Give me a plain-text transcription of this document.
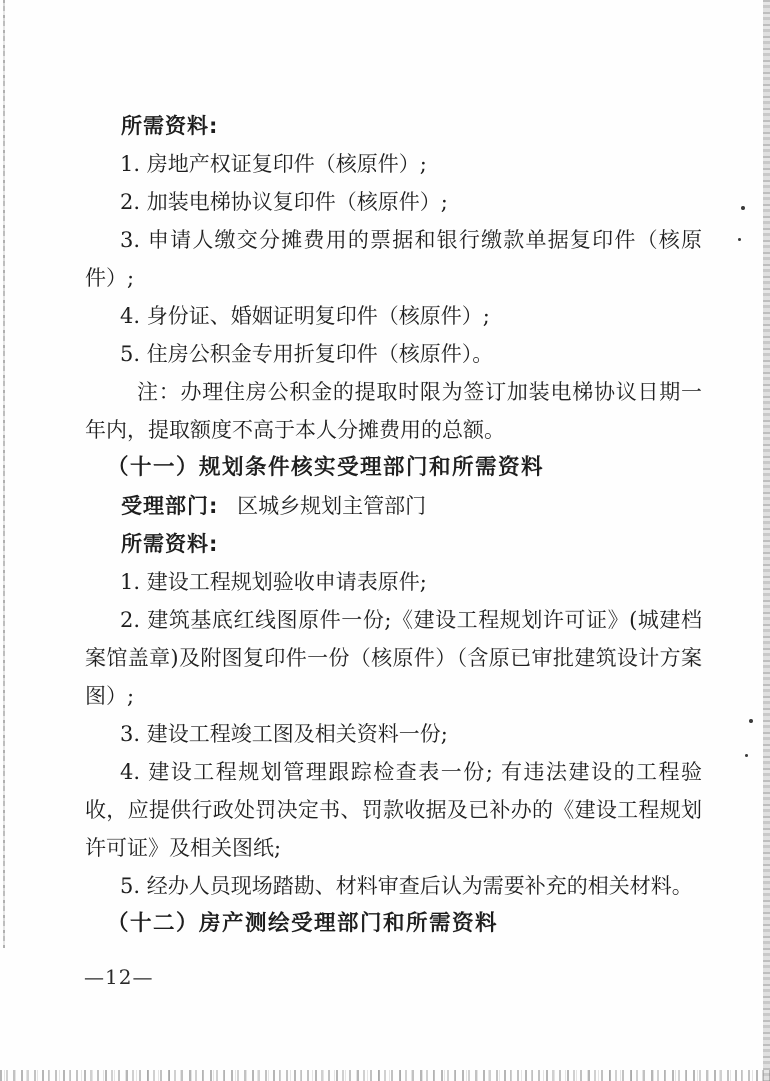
所需资料:

1. 房地产权证复印件（核原件）;

2. 加装电梯协议复印件（核原件）;

3. 申请人缴交分摊费用的票据和银行缴款单据复印件（核原件）;

4. 身份证、婚姻证明复印件（核原件）;

5. 住房公积金专用折复印件（核原件）。

注：办理住房公积金的提取时限为签订加装电梯协议日期一年内，提取额度不高于本人分摊费用的总额。

（十一）规划条件核实受理部门和所需资料

受理部门: 区城乡规划主管部门

所需资料:

1. 建设工程规划验收申请表原件;

2. 建筑基底红线图原件一份;《建设工程规划许可证》(城建档案馆盖章)及附图复印件一份（核原件）（含原已审批建筑设计方案图）;

3. 建设工程竣工图及相关资料一份;

4. 建设工程规划管理跟踪检查表一份; 有违法建设的工程验收，应提供行政处罚决定书、罚款收据及已补办的《建设工程规划许可证》及相关图纸;

5. 经办人员现场踏勘、材料审查后认为需要补充的相关材料。

（十二）房产测绘受理部门和所需资料

—12—
